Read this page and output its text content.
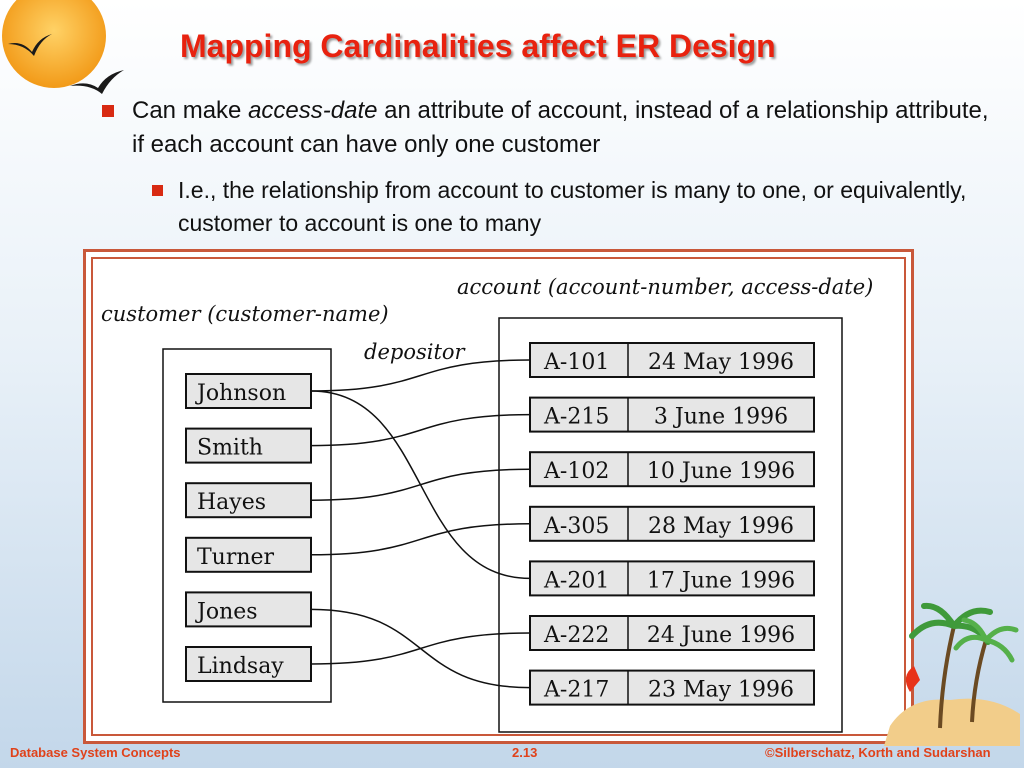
Mapping Cardinalities affect ER Design
Can make access-date an attribute of account, instead of a relationship attribute, if each account can have only one customer
I.e., the relationship from account to customer is many to one, or equivalently, customer to account is one to many
account (account-number, access-date)
customer (customer-name)
depositor
Johnson
Smith
Hayes
Turner
Jones
Lindsay
A-101 24 May 1996
A-215 3 June 1996
A-102 10 June 1996
A-305 28 May 1996
A-201 17 June 1996
A-222 24 June 1996
A-217 23 May 1996
Database System Concepts	2.13	©Silberschatz, Korth and Sudarshan
